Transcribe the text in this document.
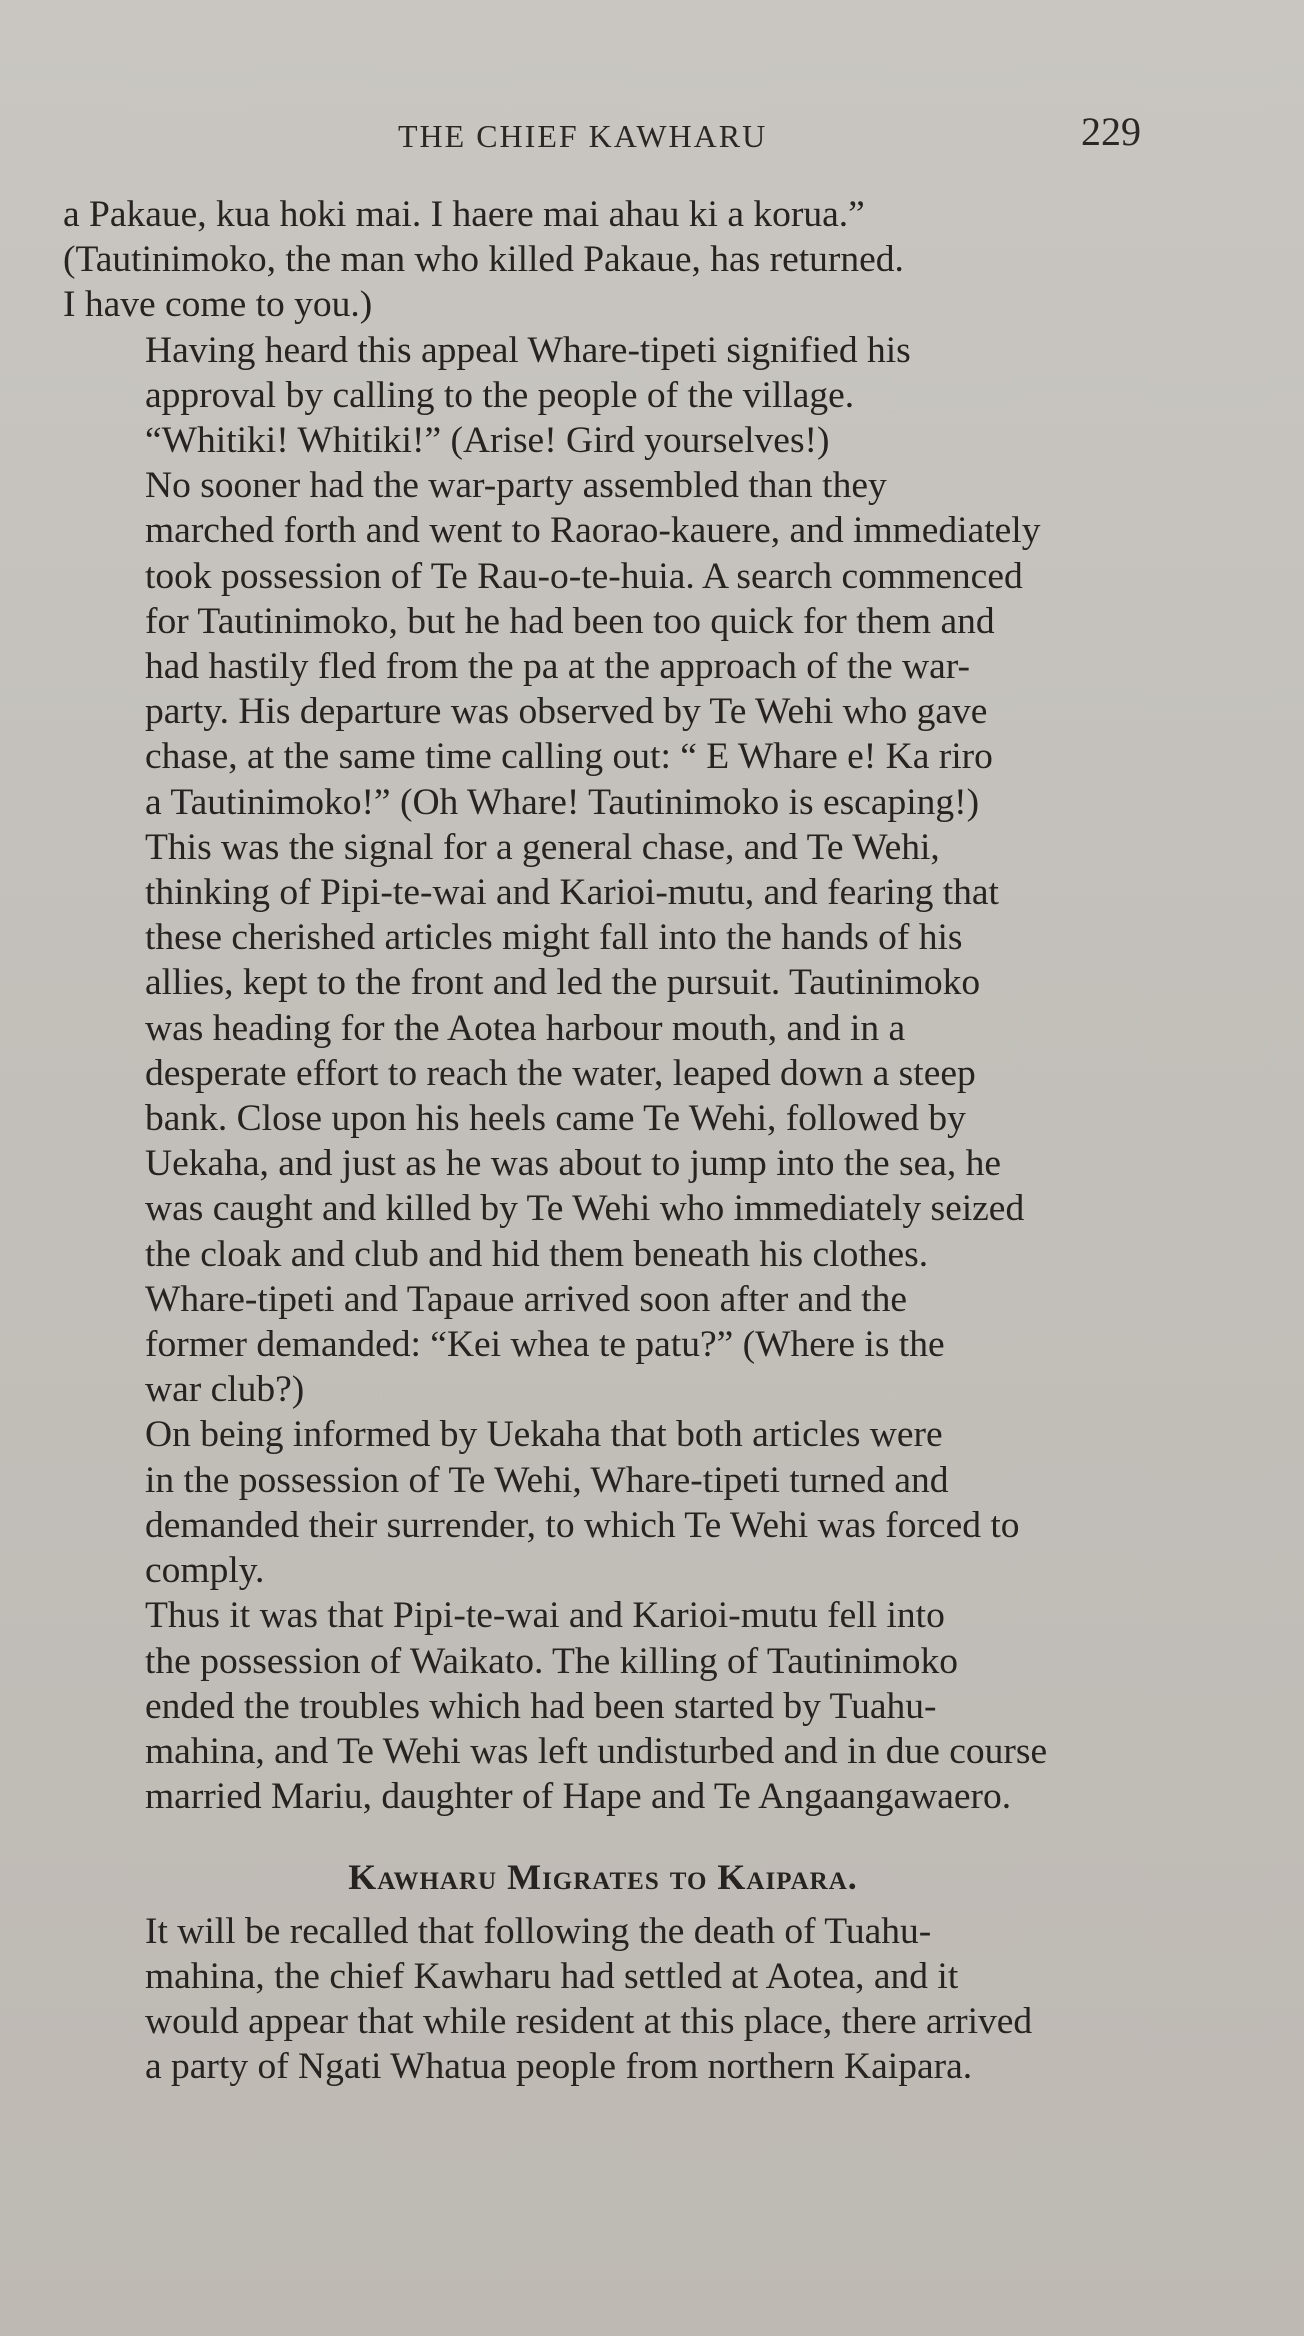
THE CHIEF KAWHARU	229

a Pakaue, kua hoki mai. I haere mai ahau ki a korua.”
(Tautinimoko, the man who killed Pakaue, has returned.
I have come to you.)

Having heard this appeal Whare-tipeti signified his
approval by calling to the people of the village.

“Whitiki! Whitiki!” (Arise! Gird yourselves!)

No sooner had the war-party assembled than they
marched forth and went to Raorao-kauere, and immediately
took possession of Te Rau-o-te-huia. A search commenced
for Tautinimoko, but he had been too quick for them and
had hastily fled from the pa at the approach of the war-
party. His departure was observed by Te Wehi who gave
chase, at the same time calling out: “ E Whare e! Ka riro
a Tautinimoko!” (Oh Whare! Tautinimoko is escaping!)

This was the signal for a general chase, and Te Wehi,
thinking of Pipi-te-wai and Karioi-mutu, and fearing that
these cherished articles might fall into the hands of his
allies, kept to the front and led the pursuit. Tautinimoko
was heading for the Aotea harbour mouth, and in a
desperate effort to reach the water, leaped down a steep
bank. Close upon his heels came Te Wehi, followed by
Uekaha, and just as he was about to jump into the sea, he
was caught and killed by Te Wehi who immediately seized
the cloak and club and hid them beneath his clothes.

Whare-tipeti and Tapaue arrived soon after and the
former demanded: “Kei whea te patu?” (Where is the
war club?)

On being informed by Uekaha that both articles were
in the possession of Te Wehi, Whare-tipeti turned and
demanded their surrender, to which Te Wehi was forced to
comply.

Thus it was that Pipi-te-wai and Karioi-mutu fell into
the possession of Waikato. The killing of Tautinimoko
ended the troubles which had been started by Tuahu-
mahina, and Te Wehi was left undisturbed and in due course
married Mariu, daughter of Hape and Te Angaangawaero.

Kawharu Migrates to Kaipara.

It will be recalled that following the death of Tuahu-
mahina, the chief Kawharu had settled at Aotea, and it
would appear that while resident at this place, there arrived
a party of Ngati Whatua people from northern Kaipara.
